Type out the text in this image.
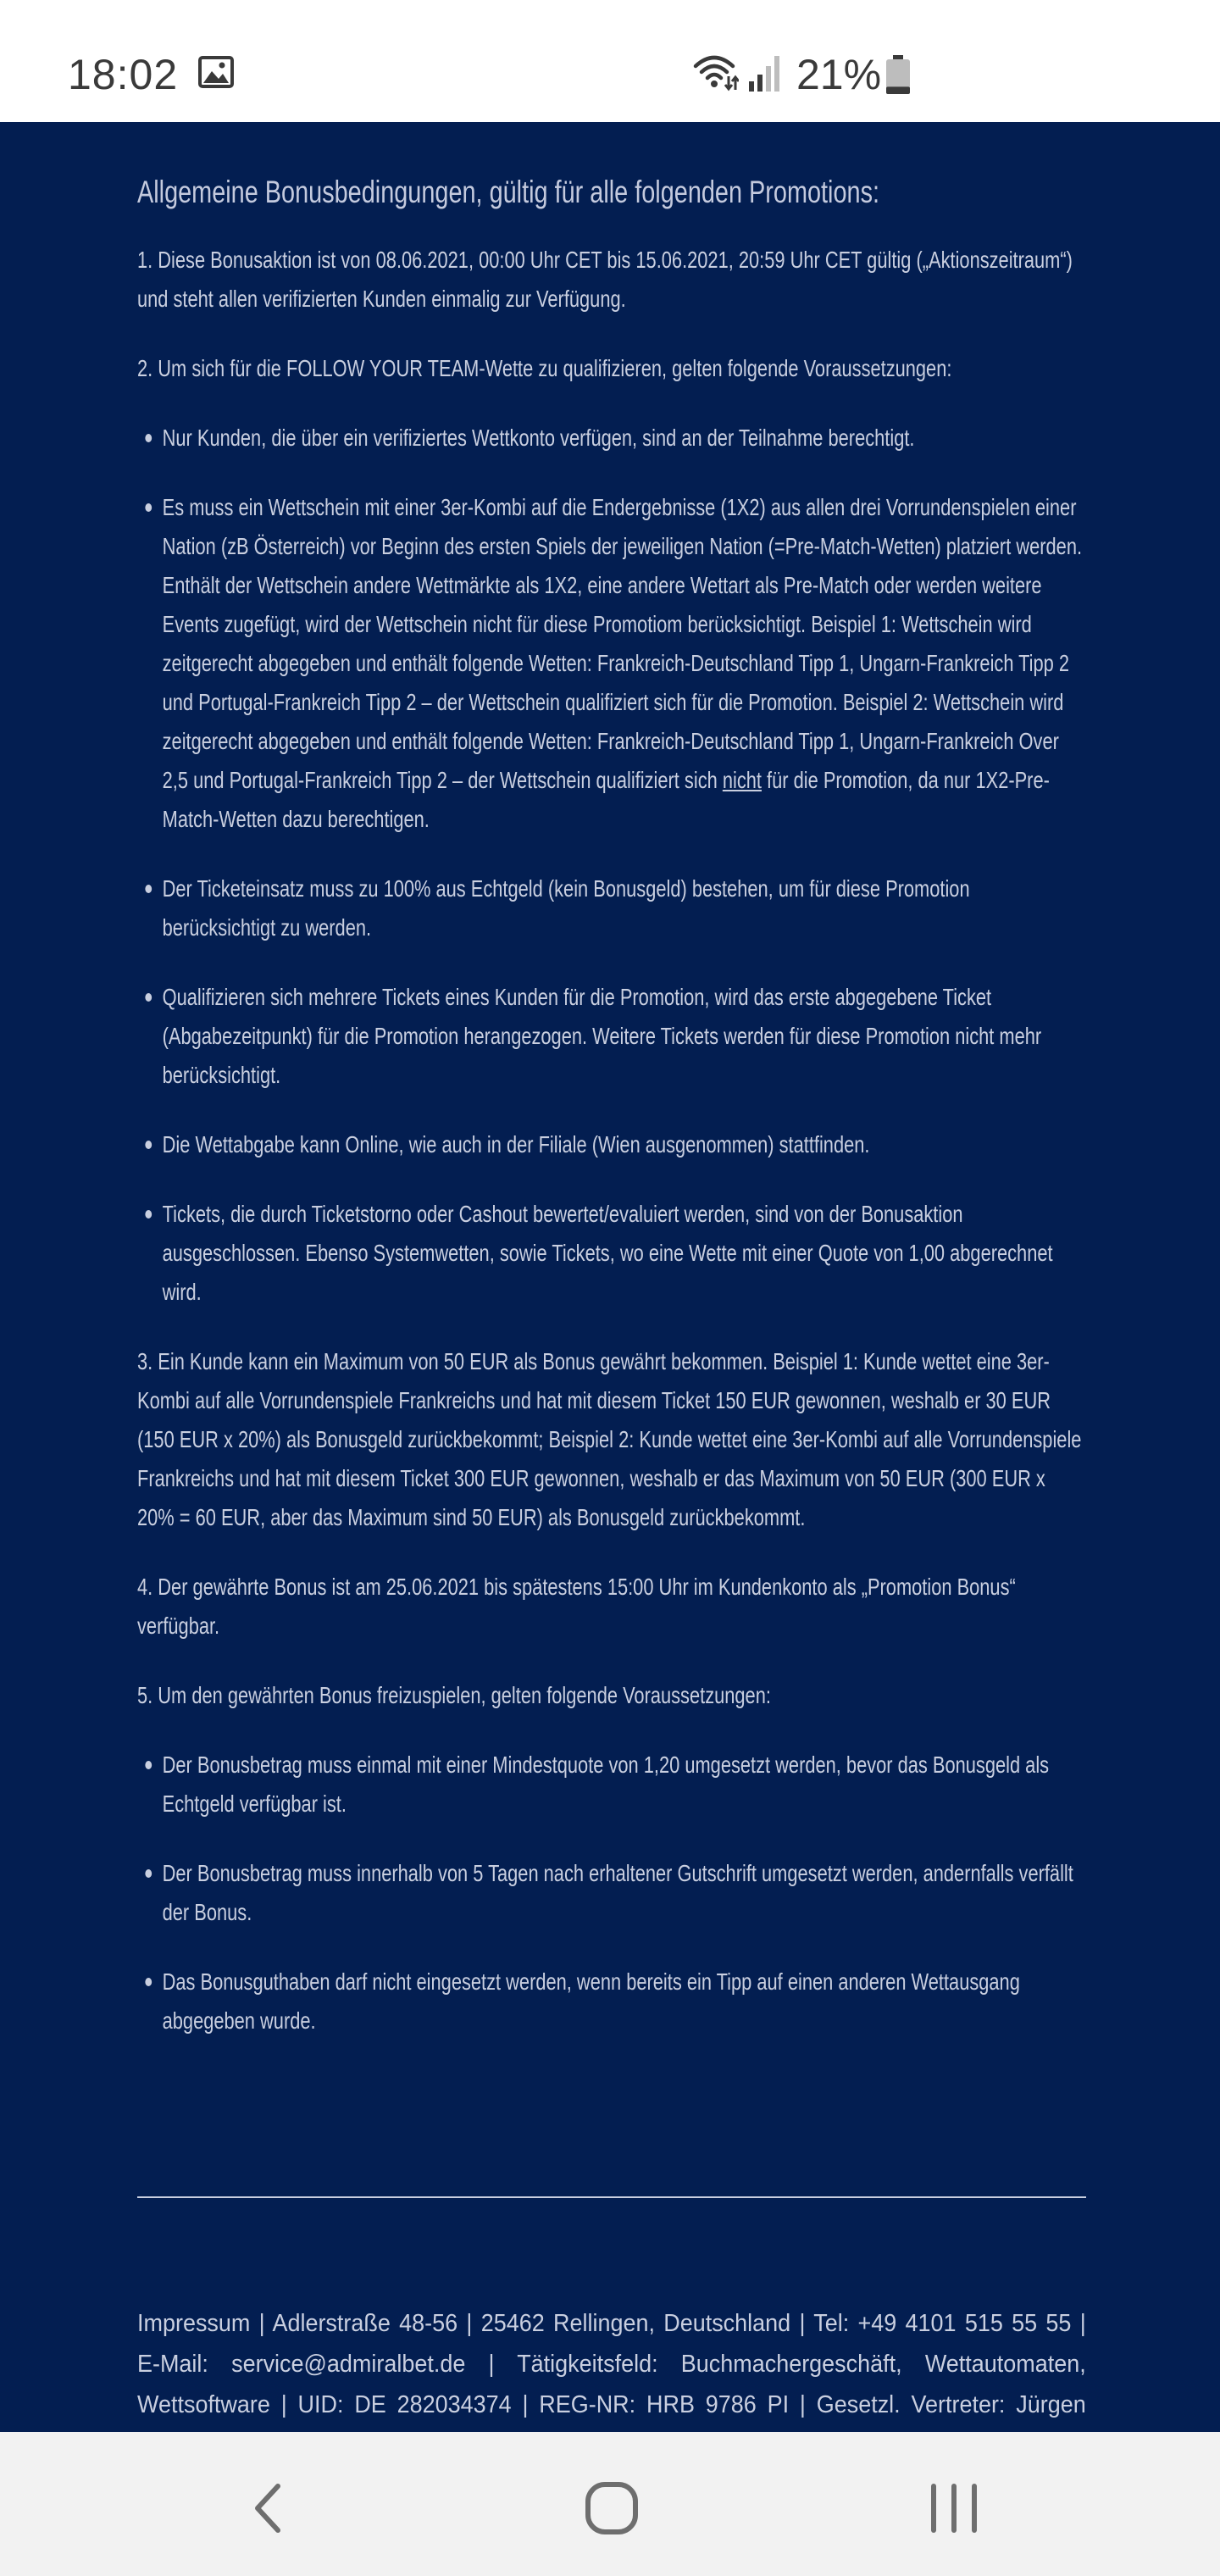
18:02	21%
Allgemeine Bonusbedingungen, gültig für alle folgenden Promotions:
1. Diese Bonusaktion ist von 08.06.2021, 00:00 Uhr CET bis 15.06.2021, 20:59 Uhr CET gültig („Aktionszeitraum“) und steht allen verifizierten Kunden einmalig zur Verfügung.
2. Um sich für die FOLLOW YOUR TEAM-Wette zu qualifizieren, gelten folgende Voraussetzungen:
Nur Kunden, die über ein verifiziertes Wettkonto verfügen, sind an der Teilnahme berechtigt.
Es muss ein Wettschein mit einer 3er-Kombi auf die Endergebnisse (1X2) aus allen drei Vorrundenspielen einer Nation (zB Österreich) vor Beginn des ersten Spiels der jeweiligen Nation (=Pre-Match-Wetten) platziert werden. Enthält der Wettschein andere Wettmärkte als 1X2, eine andere Wettart als Pre-Match oder werden weitere Events zugefügt, wird der Wettschein nicht für diese Promotiom berücksichtigt. Beispiel 1: Wettschein wird zeitgerecht abgegeben und enthält folgende Wetten: Frankreich-Deutschland Tipp 1, Ungarn-Frankreich Tipp 2 und Portugal-Frankreich Tipp 2 – der Wettschein qualifiziert sich für die Promotion. Beispiel 2: Wettschein wird zeitgerecht abgegeben und enthält folgende Wetten: Frankreich-Deutschland Tipp 1, Ungarn-Frankreich Over 2,5 und Portugal-Frankreich Tipp 2 – der Wettschein qualifiziert sich nicht für die Promotion, da nur 1X2-Pre-Match-Wetten dazu berechtigen.
Der Ticketeinsatz muss zu 100% aus Echtgeld (kein Bonusgeld) bestehen, um für diese Promotion berücksichtigt zu werden.
Qualifizieren sich mehrere Tickets eines Kunden für die Promotion, wird das erste abgegebene Ticket (Abgabezeitpunkt) für die Promotion herangezogen. Weitere Tickets werden für diese Promotion nicht mehr berücksichtigt.
Die Wettabgabe kann Online, wie auch in der Filiale (Wien ausgenommen) stattfinden.
Tickets, die durch Ticketstorno oder Cashout bewertet/evaluiert werden, sind von der Bonusaktion ausgeschlossen. Ebenso Systemwetten, sowie Tickets, wo eine Wette mit einer Quote von 1,00 abgerechnet wird.
3. Ein Kunde kann ein Maximum von 50 EUR als Bonus gewährt bekommen. Beispiel 1: Kunde wettet eine 3er-Kombi auf alle Vorrundenspiele Frankreichs und hat mit diesem Ticket 150 EUR gewonnen, weshalb er 30 EUR (150 EUR x 20%) als Bonusgeld zurückbekommt; Beispiel 2: Kunde wettet eine 3er-Kombi auf alle Vorrundenspiele Frankreichs und hat mit diesem Ticket 300 EUR gewonnen, weshalb er das Maximum von 50 EUR (300 EUR x 20% = 60 EUR, aber das Maximum sind 50 EUR) als Bonusgeld zurückbekommt.
4. Der gewährte Bonus ist am 25.06.2021 bis spätestens 15:00 Uhr im Kundenkonto als „Promotion Bonus“ verfügbar.
5. Um den gewährten Bonus freizuspielen, gelten folgende Voraussetzungen:
Der Bonusbetrag muss einmal mit einer Mindestquote von 1,20 umgesetzt werden, bevor das Bonusgeld als Echtgeld verfügbar ist.
Der Bonusbetrag muss innerhalb von 5 Tagen nach erhaltener Gutschrift umgesetzt werden, andernfalls verfällt der Bonus.
Das Bonusguthaben darf nicht eingesetzt werden, wenn bereits ein Tipp auf einen anderen Wettausgang abgegeben wurde.
Impressum | Adlerstraße 48-56 | 25462 Rellingen, Deutschland | Tel: +49 4101 515 55 55 |
E-Mail: service@admiralbet.de | Tätigkeitsfeld: Buchmachergeschäft, Wettautomaten,
Wettsoftware | UID: DE 282034374 | REG-NR: HRB 9786 PI | Gesetzl. Vertreter: Jürgen
